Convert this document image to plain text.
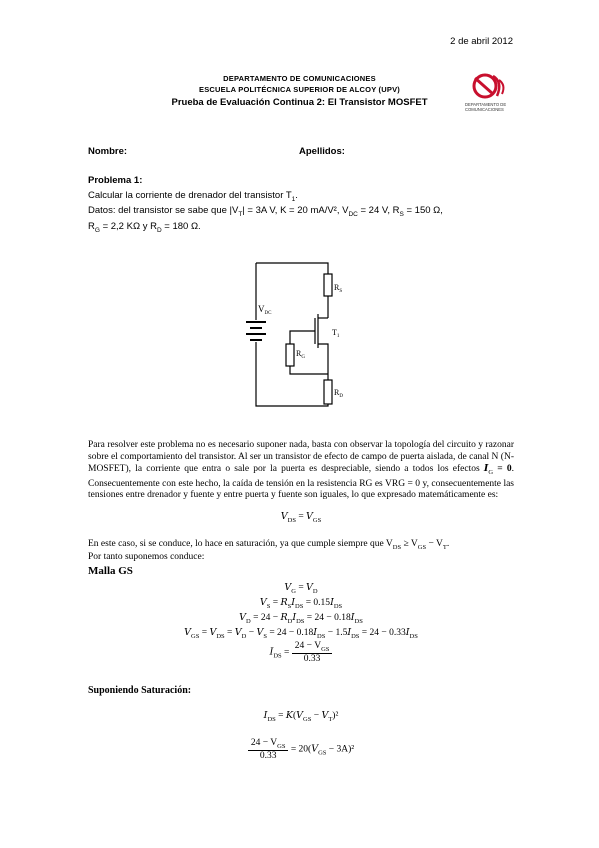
2 de abril 2012
DEPARTAMENTO DE COMUNICACIONES
ESCUELA POLITÉCNICA SUPERIOR DE ALCOY (UPV)
Prueba de Evaluación Continua 2: El Transistor MOSFET	DEPARTAMENTO DE
COMUNICACIONES
Nombre:	Apellidos:
Problema 1:
Calcular la corriente de drenador del transistor $T_1$.
Datos: del transistor se sabe que $|V_T| = 3A$ V, K = 20 mA/V², $V_{DC} = 24$ V, $R_S = 150$ Ω,
$R_G = 2,2$ KΩ y $R_D = 180$ Ω.
$R_S$
$V_{DC}$
$T_1$
$R_G$
$R_D$
Para resolver este problema no es necesario suponer nada, basta con observar la topología del circuito y razonar sobre el comportamiento del transistor. Al ser un transistor de efecto de campo de puerta aislada, de canal N (N-MOSFET), la corriente que entra o sale por la puerta es despreciable, siendo a todos los efectos $I_G = 0$. Consecuentemente con este hecho, la caída de tensión en la resistencia RG es VRG = 0 y, consecuentemente las tensiones entre drenador y fuente y entre puerta y fuente son iguales, lo que expresado matemáticamente es:
$V_{DS} = V_{GS}$
En este caso, si se conduce, lo hace en saturación, ya que cumple siempre que $V_{DS} \ge V_{GS} - V_T$.
Por tanto suponemos conduce:
Malla GS
$V_G = V_D$
$V_S = R_SI_{DS} = 0.15I_{DS}$
$V_D = 24 - R_DI_{DS} = 24 - 0.18I_{DS}$
$V_{GS} = V_{DS} = V_D - V_S = 24 - 0.18I_{DS} - 1.5I_{DS} = 24 - 0.33I_{DS}$
$I_{DS} = \frac{24 - V_{GS}}{0.33}$
Suponiendo Saturación:
$I_{DS} = K(V_{GS} - V_T)^2$
$\frac{24 - V_{GS}}{0.33} = 20(V_{GS} - 3A)^2$
